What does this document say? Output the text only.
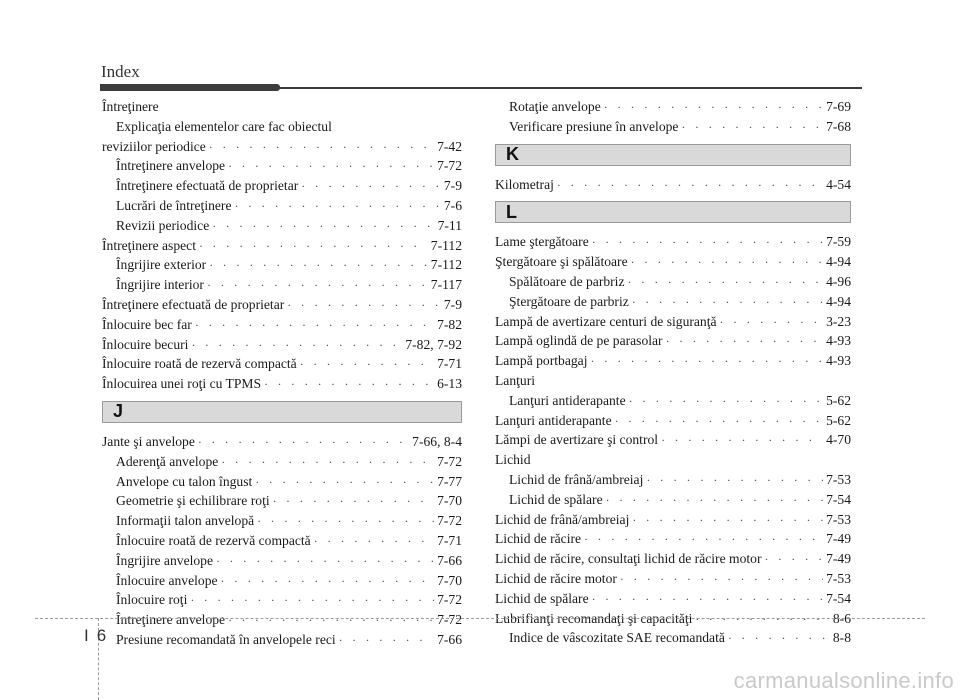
Index
Întreţinere
Explicaţia elementelor care fac obiectul
reviziilor periodice · · ·	7-42
Întreţinere anvelope · · ·	7-72
Întreţinere efectuată de proprietar · · ·	7-9
Lucrări de întreţinere · · ·	7-6
Revizii periodice · · ·	7-11
Întreţinere aspect · · ·	7-112
Îngrijire exterior · · ·	7-112
Îngrijire interior · · ·	7-117
Întreţinere efectuată de proprietar · · ·	7-9
Înlocuire bec far · · ·	7-82
Înlocuire becuri · · ·	7-82, 7-92
Înlocuire roată de rezervă compactă · · ·	7-71
Înlocuirea unei roţi cu TPMS · · ·	6-13
J
Jante şi anvelope · · ·	7-66, 8-4
Aderenţă anvelope · · ·	7-72
Anvelope cu talon îngust · · ·	7-77
Geometrie şi echilibrare roţi · · ·	7-70
Informaţii talon anvelopă · · ·	7-72
Înlocuire roată de rezervă compactă · · ·	7-71
Îngrijire anvelope · · ·	7-66
Înlocuire anvelope · · ·	7-70
Înlocuire roţi · · ·	7-72
Întreţinere anvelope · · ·	7-72
Presiune recomandată în anvelopele reci · · ·	7-66
Rotaţie anvelope · · ·	7-69
Verificare presiune în anvelope · · ·	7-68
K
Kilometraj · · ·	4-54
L
Lame ştergătoare · · ·	7-59
Ştergătoare şi spălătoare · · ·	4-94
Spălătoare de parbriz · · ·	4-96
Ştergătoare de parbriz · · ·	4-94
Lampă de avertizare centuri de siguranţă · · ·	3-23
Lampă oglindă de pe parasolar · · ·	4-93
Lampă portbagaj · · ·	4-93
Lanţuri
Lanţuri antiderapante · · ·	5-62
Lanţuri antiderapante · · ·	5-62
Lămpi de avertizare şi control · · ·	4-70
Lichid
Lichid de frână/ambreiaj · · ·	7-53
Lichid de spălare · · ·	7-54
Lichid de frână/ambreiaj · · ·	7-53
Lichid de răcire · · ·	7-49
Lichid de răcire, consultaţi lichid de răcire motor · · ·	7-49
Lichid de răcire motor · · ·	7-53
Lichid de spălare · · ·	7-54
Lubrifianţi recomandaţi şi capacităţi · · ·	8-6
Indice de vâscozitate SAE recomandată · · ·	8-8
I 6
carmanualsonline.info
